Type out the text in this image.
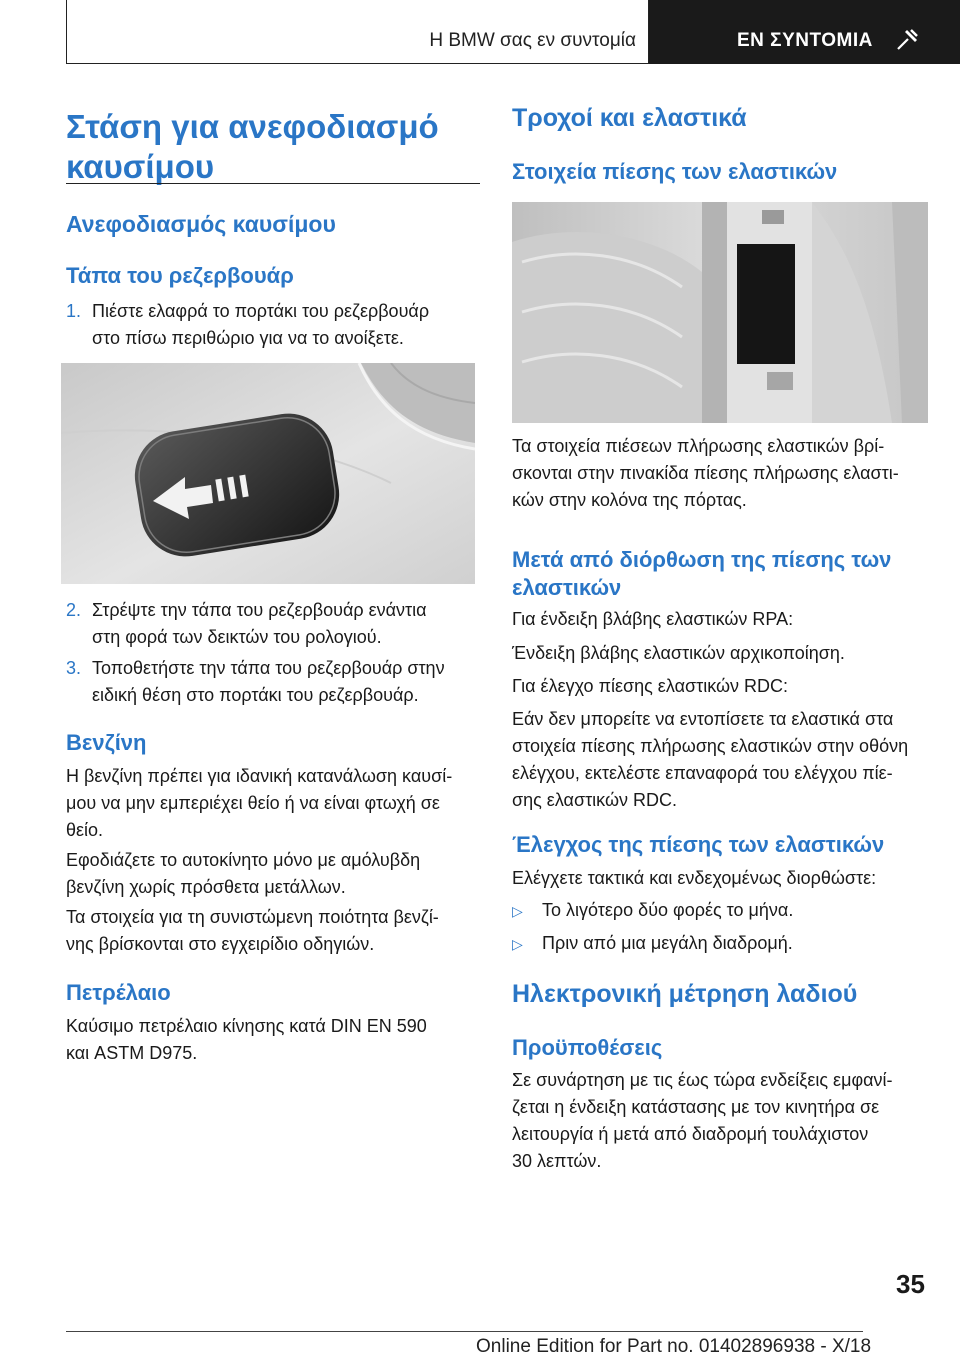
Η BMW σας εν συντομία	ΕΝ ΣΥΝΤΟΜΙΑ
Στάση για ανεφοδιασμό
καυσίμου
Ανεφοδιασμός καυσίμου
Τάπα του ρεζερβουάρ
1. Πιέστε ελαφρά το πορτάκι του ρεζερβουάρ
στο πίσω περιθώριο για να το ανοίξετε.
2. Στρέψτε την τάπα του ρεζερβουάρ ενάντια
στη φορά των δεικτών του ρολογιού.
3. Τοποθετήστε την τάπα του ρεζερβουάρ στην
ειδική θέση στο πορτάκι του ρεζερβουάρ.
Βενζίνη
Η βενζίνη πρέπει για ιδανική κατανάλωση καυσί-
μου να μην εμπεριέχει θείο ή να είναι φτωχή σε
θείο.
Εφοδιάζετε το αυτοκίνητο μόνο με αμόλυβδη
βενζίνη χωρίς πρόσθετα μετάλλων.
Τα στοιχεία για τη συνιστώμενη ποιότητα βενζί-
νης βρίσκονται στο εγχειρίδιο οδηγιών.
Πετρέλαιο
Καύσιμο πετρέλαιο κίνησης κατά DIN EN 590
και ASTM D975.
Τροχοί και ελαστικά
Στοιχεία πίεσης των ελαστικών
Τα στοιχεία πιέσεων πλήρωσης ελαστικών βρί-
σκονται στην πινακίδα πίεσης πλήρωσης ελαστι-
κών στην κολόνα της πόρτας.
Μετά από διόρθωση της πίεσης των
ελαστικών
Για ένδειξη βλάβης ελαστικών RPA:
Ένδειξη βλάβης ελαστικών αρχικοποίηση.
Για έλεγχο πίεσης ελαστικών RDC:
Εάν δεν μπορείτε να εντοπίσετε τα ελαστικά στα
στοιχεία πίεσης πλήρωσης ελαστικών στην οθόνη
ελέγχου, εκτελέστε επαναφορά του ελέγχου πίε-
σης ελαστικών RDC.
Έλεγχος της πίεσης των ελαστικών
Ελέγχετε τακτικά και ενδεχομένως διορθώστε:
▷ Το λιγότερο δύο φορές το μήνα.
▷ Πριν από μια μεγάλη διαδρομή.
Ηλεκτρονική μέτρηση λαδιού
Προϋποθέσεις
Σε συνάρτηση με τις έως τώρα ενδείξεις εμφανί-
ζεται η ένδειξη κατάστασης με τον κινητήρα σε
λειτουργία ή μετά από διαδρομή τουλάχιστον
30 λεπτών.
35
Online Edition for Part no. 01402896938 - X/18
